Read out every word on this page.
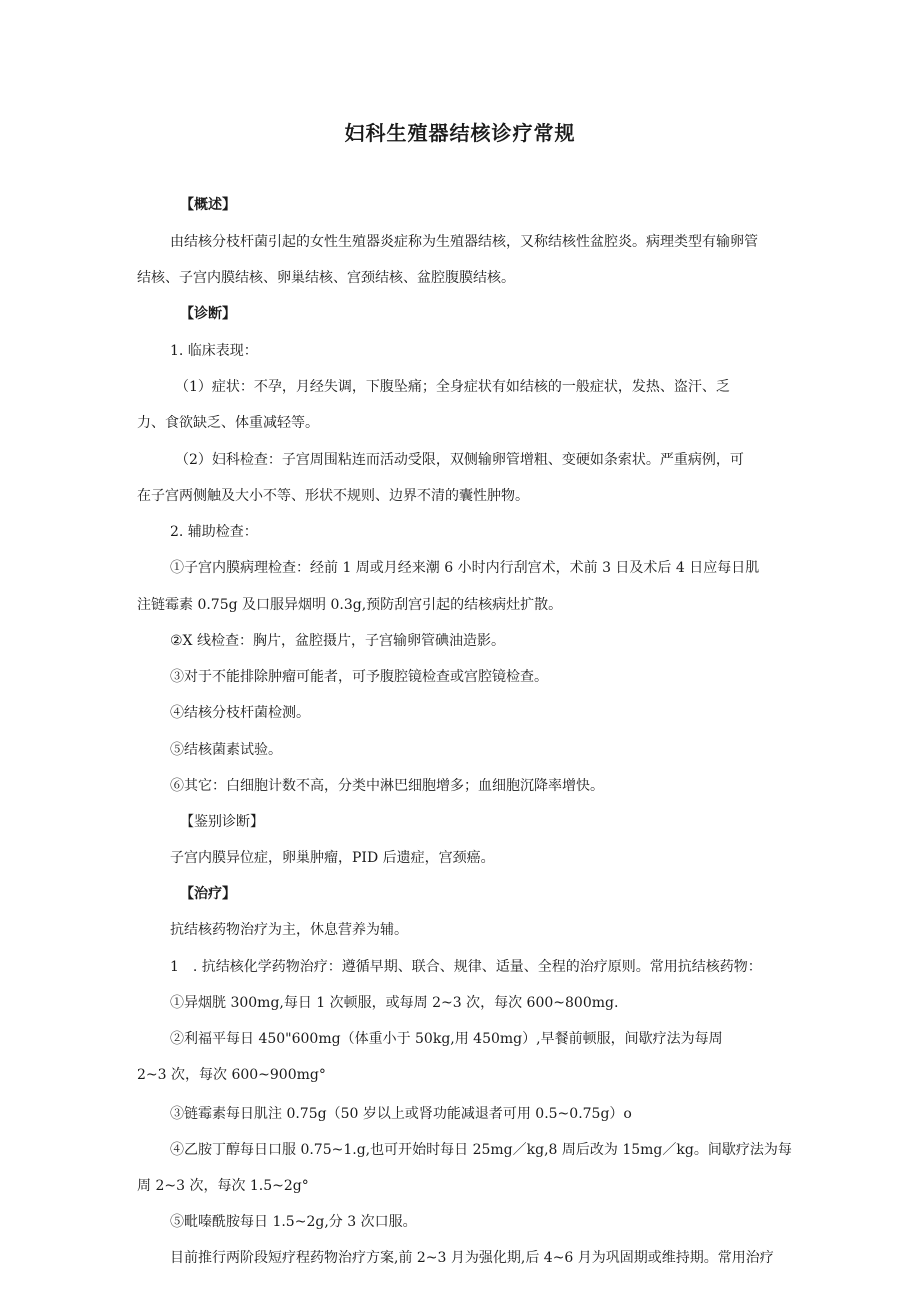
妇科生殖器结核诊疗常规
【概述】
由结核分枝杆菌引起的女性生殖器炎症称为生殖器结核，又称结核性盆腔炎。病理类型有输卵管
结核、子宫内膜结核、卵巢结核、宫颈结核、盆腔腹膜结核。
【诊断】
1. 临床表现：
（1）症状：不孕，月经失调，下腹坠痛；全身症状有如结核的一般症状，发热、盗汗、乏
力、食欲缺乏、体重减轻等。
（2）妇科检查：子宫周围粘连而活动受限，双侧输卵管增粗、变硬如条索状。严重病例，可
在子宫两侧触及大小不等、形状不规则、边界不清的囊性肿物。
2. 辅助检查：
①子宫内膜病理检查：经前 1 周或月经来潮 6 小时内行刮宫术，术前 3 日及术后 4 日应每日肌
注链霉素 0.75g 及口服异烟明 0.3g,预防刮宫引起的结核病灶扩散。
②X 线检查：胸片，盆腔摄片，子宫输卵管碘油造影。
③对于不能排除肿瘤可能者，可予腹腔镜检查或宫腔镜检查。
④结核分枝杆菌检测。
⑤结核菌素试验。
⑥其它：白细胞计数不高，分类中淋巴细胞增多；血细胞沉降率增快。
【鉴别诊断】
子宫内膜异位症，卵巢肿瘤，PID 后遗症，宫颈癌。
【治疗】
抗结核药物治疗为主，休息营养为辅。
1　. 抗结核化学药物治疗：遵循早期、联合、规律、适量、全程的治疗原则。常用抗结核药物：
①异烟胱 300mg,每日 1 次顿服，或每周 2~3 次，每次 600~800mg.
②利福平每日 450"600mg（体重小于 50kg,用 450mg）,早餐前顿服，间歇疗法为每周
2~3 次，每次 600~900mg°
③链霉素每日肌注 0.75g（50 岁以上或肾功能减退者可用 0.5~0.75g）o
④乙胺丁醇每日口服 0.75~1.g,也可开始时每日 25mg／kg,8 周后改为 15mg／kg。间歇疗法为每
周 2~3 次，每次 1.5~2g°
⑤毗嗪酰胺每日 1.5~2g,分 3 次口服。
目前推行两阶段短疗程药物治疗方案,前 2~3 月为强化期,后 4~6 月为巩固期或维持期。常用治疗
